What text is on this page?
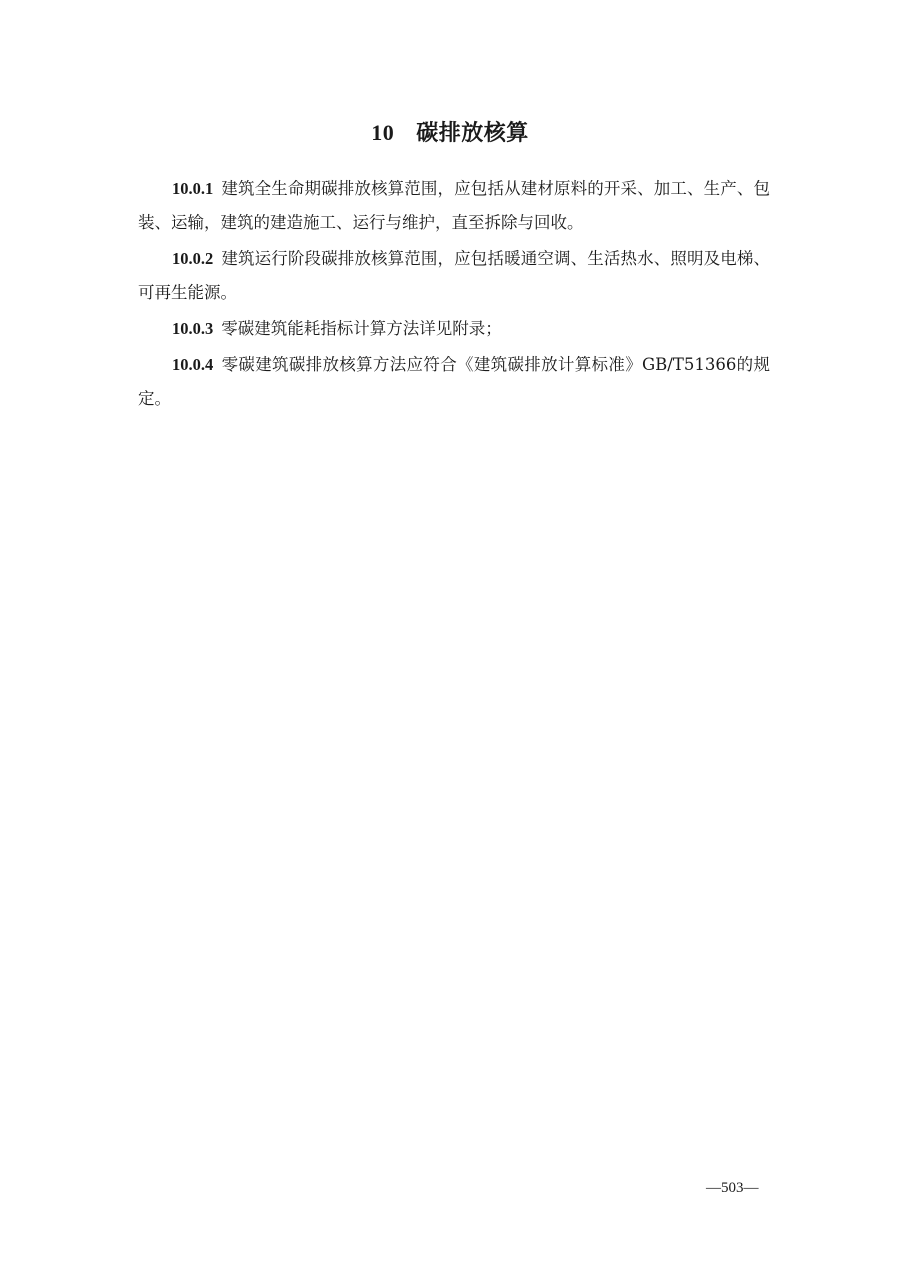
10 碳排放核算

10.0.1 建筑全生命期碳排放核算范围，应包括从建材原料的开采、加工、生产、包装、运输，建筑的建造施工、运行与维护，直至拆除与回收。

10.0.2 建筑运行阶段碳排放核算范围，应包括暖通空调、生活热水、照明及电梯、可再生能源。

10.0.3 零碳建筑能耗指标计算方法详见附录；

10.0.4 零碳建筑碳排放核算方法应符合《建筑碳排放计算标准》GB/T51366的规定。

—503—
